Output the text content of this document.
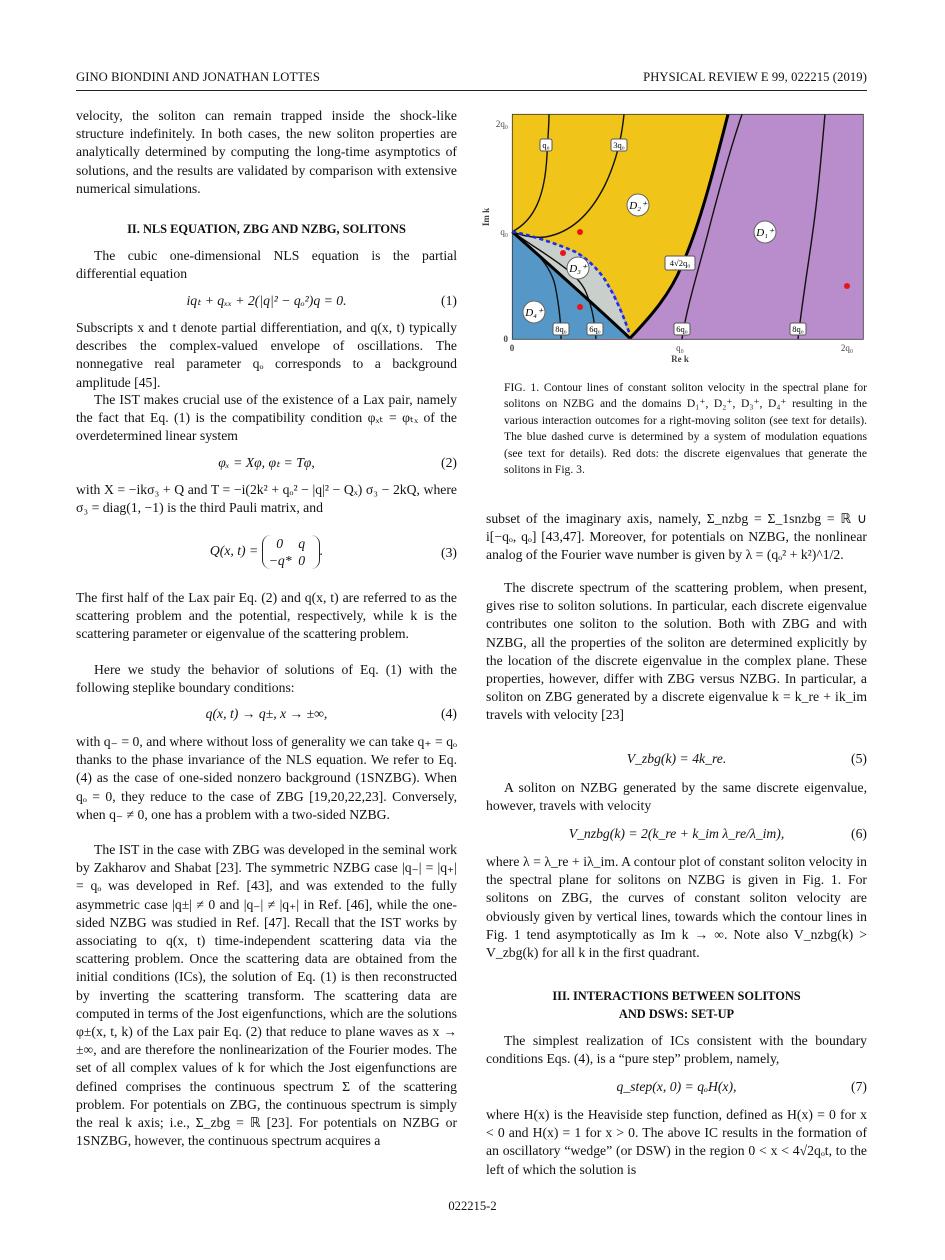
GINO BIONDINI AND JONATHAN LOTTES	PHYSICAL REVIEW E 99, 022215 (2019)
velocity, the soliton can remain trapped inside the shock-like structure indefinitely. In both cases, the new soliton properties are analytically determined by computing the long-time asymptotics of solutions, and the results are validated by comparison with extensive numerical simulations.
II. NLS EQUATION, ZBG AND NZBG, SOLITONS
The cubic one-dimensional NLS equation is the partial differential equation
iqₜ + qₓₓ + 2(|q|² − qₒ²)q = 0.	(1)
Subscripts x and t denote partial differentiation, and q(x, t) typically describes the complex-valued envelope of oscillations. The nonnegative real parameter qₒ corresponds to a background amplitude [45].
The IST makes crucial use of the existence of a Lax pair, namely the fact that Eq. (1) is the compatibility condition φₓₜ = φₜₓ of the overdetermined linear system
φₓ = Xφ, φₜ = Tφ,	(2)
with X = −ikσ₃ + Q and T = −i(2k² + qₒ² − |q|² − Qₓ) σ₃ − 2kQ, where σ₃ = diag(1, −1) is the third Pauli matrix, and
Q(x, t) = 0 q
−q* 0.	(3)
The first half of the Lax pair Eq. (2) and q(x, t) are referred to as the scattering problem and the potential, respectively, while k is the scattering parameter or eigenvalue of the scattering problem.
Here we study the behavior of solutions of Eq. (1) with the following steplike boundary conditions:
q(x, t) → q±, x → ±∞,	(4)
with q₋ = 0, and where without loss of generality we can take q₊ = qₒ thanks to the phase invariance of the NLS equation. We refer to Eq. (4) as the case of one-sided nonzero background (1SNZBG). When qₒ = 0, they reduce to the case of ZBG [19,20,22,23]. Conversely, when q₋ ≠ 0, one has a problem with a two-sided NZBG.
The IST in the case with ZBG was developed in the seminal work by Zakharov and Shabat [23]. The symmetric NZBG case |q₋| = |q₊| = qₒ was developed in Ref. [43], and was extended to the fully asymmetric case |q±| ≠ 0 and |q₋| ≠ |q₊| in Ref. [46], while the one-sided NZBG was studied in Ref. [47]. Recall that the IST works by associating to q(x, t) time-independent scattering data via the scattering problem. Once the scattering data are obtained from the initial conditions (ICs), the solution of Eq. (1) is then reconstructed by inverting the scattering transform. The scattering data are computed in terms of the Jost eigenfunctions, which are the solutions φ±(x, t, k) of the Lax pair Eq. (2) that reduce to plane waves as x → ±∞, and are therefore the nonlinearization of the Fourier modes. The set of all complex values of k for which the Jost eigenfunctions are defined comprises the continuous spectrum Σ of the scattering problem. For potentials on ZBG, the continuous spectrum is simply the real k axis; i.e., Σ_zbg = ℝ [23]. For potentials on NZBG or 1SNZBG, however, the continuous spectrum acquires a
q₀	3q₀
4√2q₀
8q₀	6q₀	6q₀	8q₀
D₁⁺
D₂⁺
D₃⁺
D₄⁺
0
q₀
2q₀
0	q₀	2q₀
Re k
Im k
FIG. 1. Contour lines of constant soliton velocity in the spectral plane for solitons on NZBG and the domains D₁⁺, D₂⁺, D₃⁺, D₄⁺ resulting in the various interaction outcomes for a right-moving soliton (see text for details). The blue dashed curve is determined by a system of modulation equations (see text for details). Red dots: the discrete eigenvalues that generate the solitons in Fig. 3.
subset of the imaginary axis, namely, Σ_nzbg = Σ_1snzbg = ℝ ∪ i[−qₒ, qₒ] [43,47]. Moreover, for potentials on NZBG, the nonlinear analog of the Fourier wave number is given by λ = (qₒ² + k²)^1/2.
The discrete spectrum of the scattering problem, when present, gives rise to soliton solutions. In particular, each discrete eigenvalue contributes one soliton to the solution. Both with ZBG and with NZBG, all the properties of the soliton are determined explicitly by the location of the discrete eigenvalue in the complex plane. These properties, however, differ with ZBG versus NZBG. In particular, a soliton on ZBG generated by a discrete eigenvalue k = k_re + ik_im travels with velocity [23]
V_zbg(k) = 4k_re.	(5)
A soliton on NZBG generated by the same discrete eigenvalue, however, travels with velocity
V_nzbg(k) = 2(k_re + k_im λ_re/λ_im),	(6)
where λ = λ_re + iλ_im. A contour plot of constant soliton velocity in the spectral plane for solitons on NZBG is given in Fig. 1. For solitons on ZBG, the curves of constant soliton velocity are obviously given by vertical lines, towards which the contour lines in Fig. 1 tend asymptotically as Im k → ∞. Note also V_nzbg(k) > V_zbg(k) for all k in the first quadrant.
III. INTERACTIONS BETWEEN SOLITONS
AND DSWS: SET-UP
The simplest realization of ICs consistent with the boundary conditions Eqs. (4), is a “pure step” problem, namely,
q_step(x, 0) = qₒH(x),	(7)
where H(x) is the Heaviside step function, defined as H(x) = 0 for x < 0 and H(x) = 1 for x > 0. The above IC results in the formation of an oscillatory “wedge” (or DSW) in the region 0 < x < 4√2qₒt, to the left of which the solution is
022215-2
